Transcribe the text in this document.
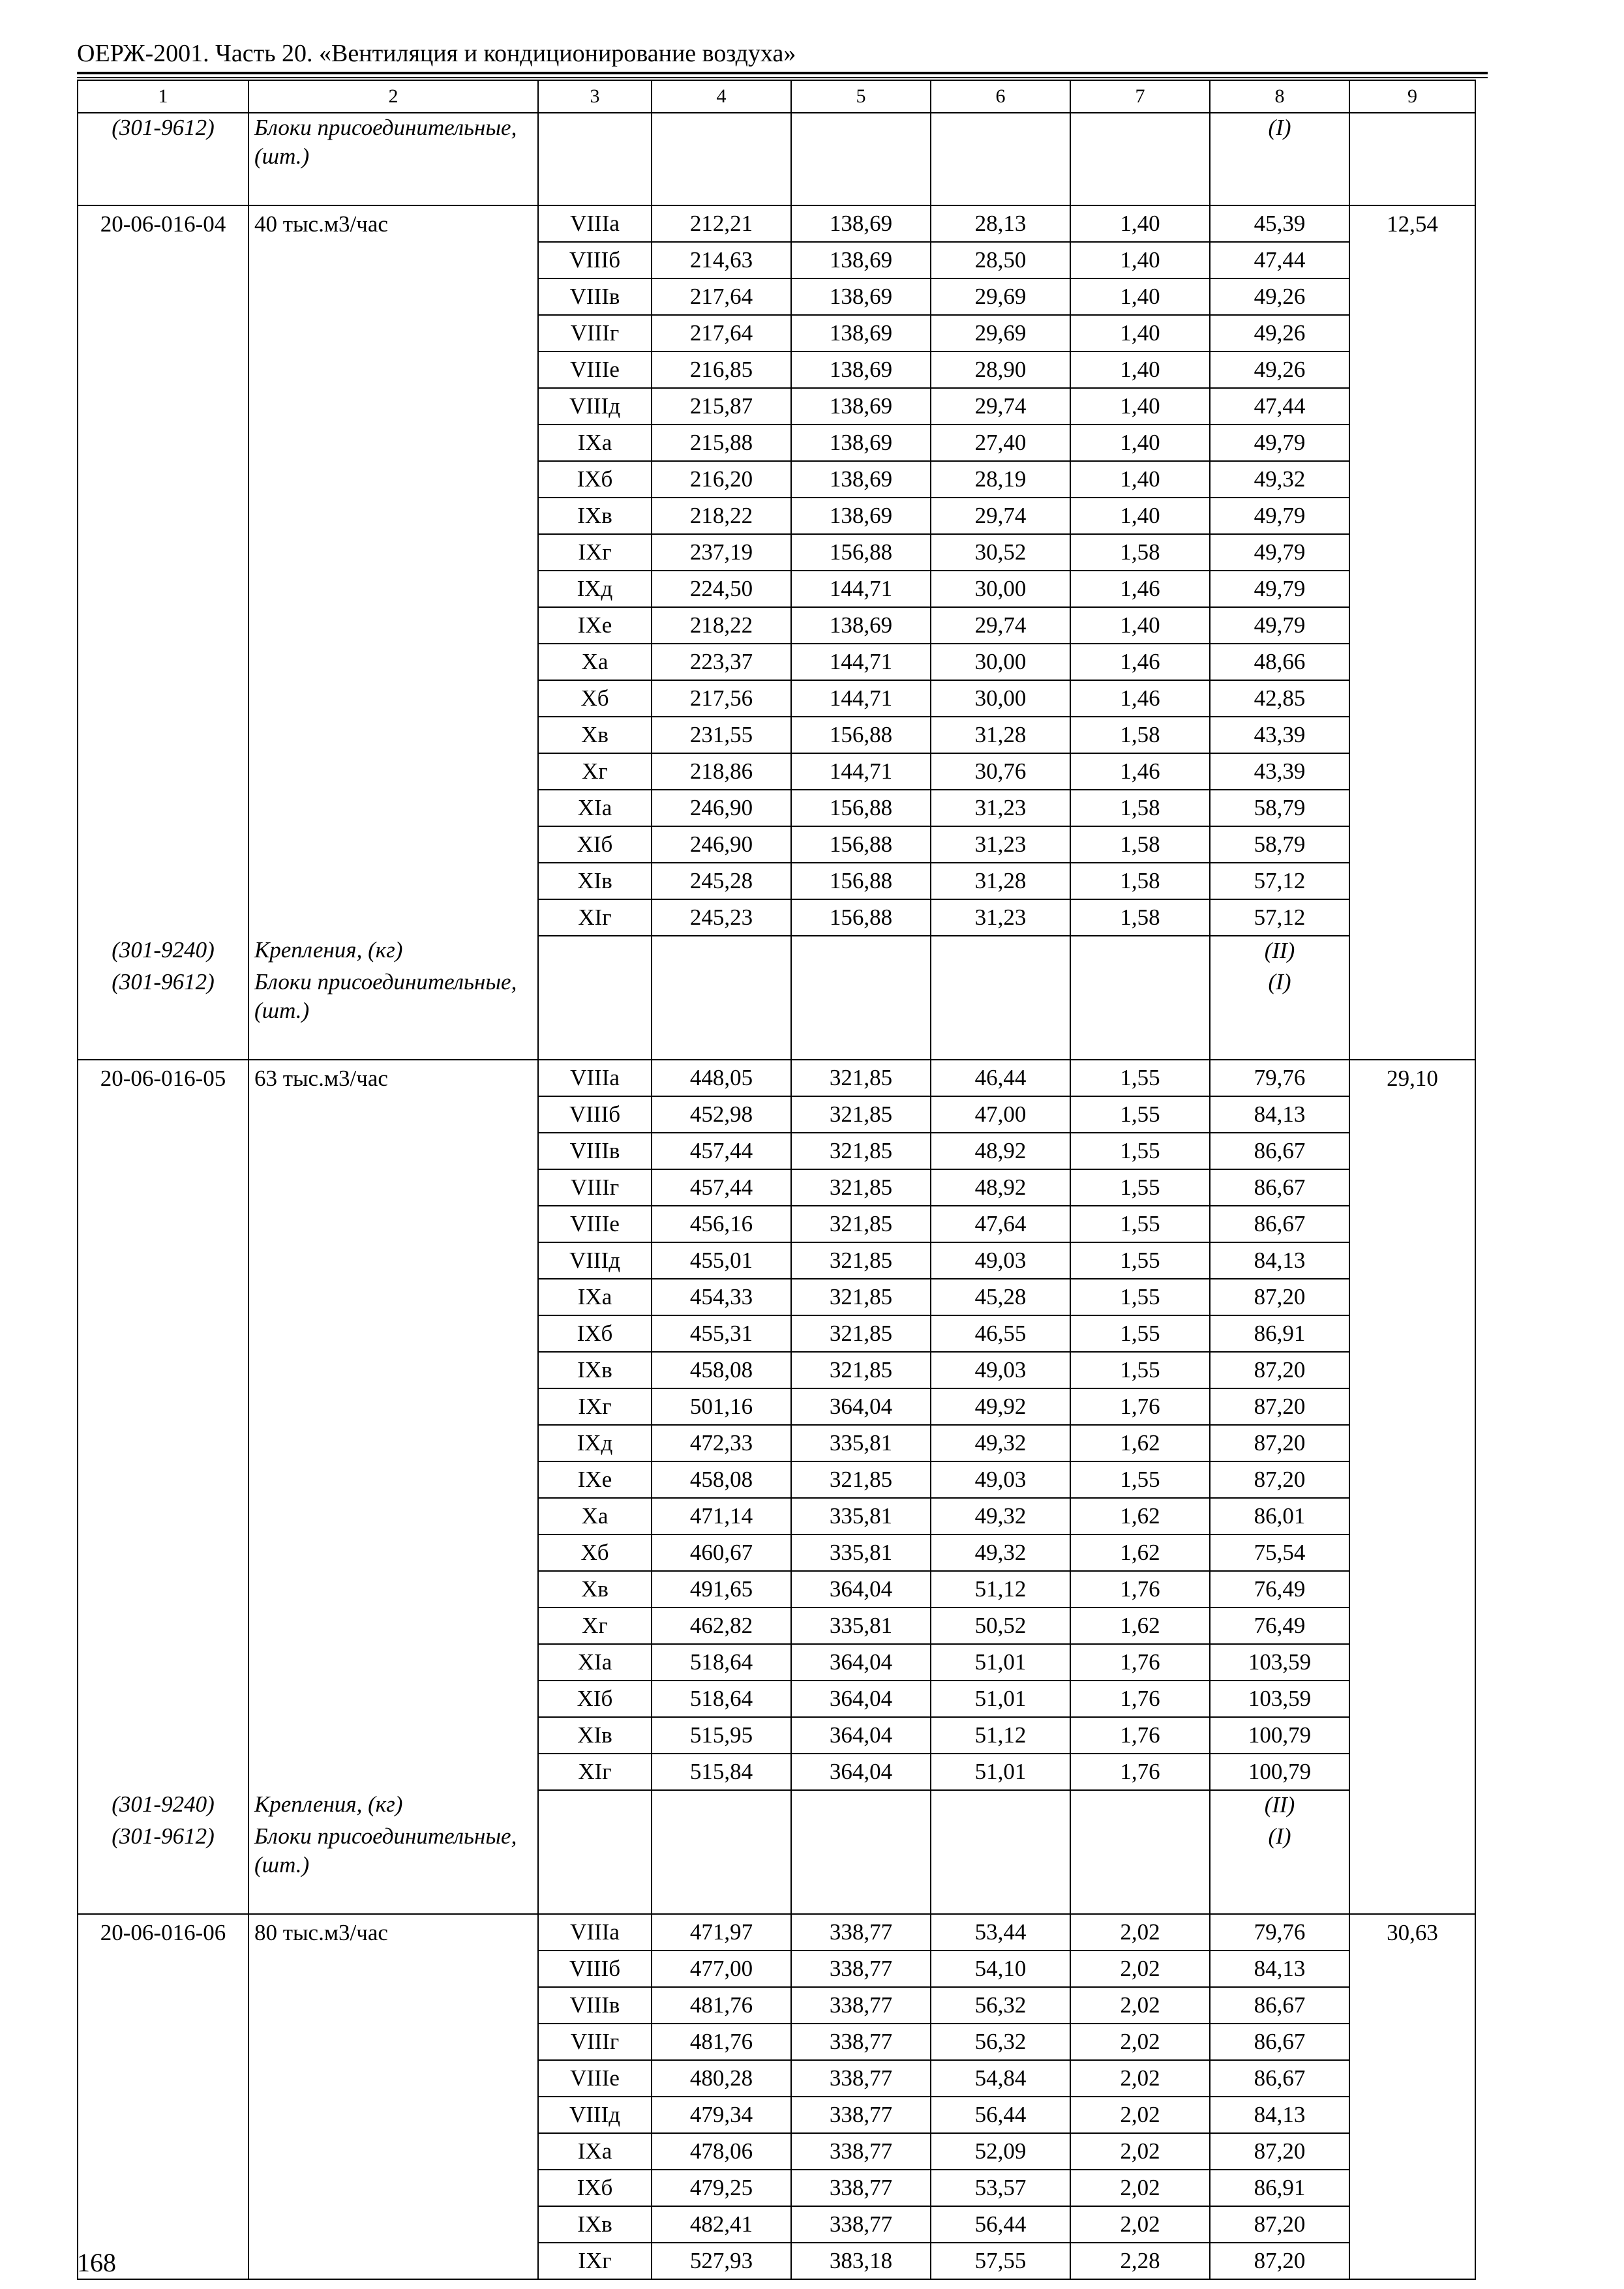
ОЕРЖ-2001. Часть 20. «Вентиляция и кондиционирование воздуха»
1	2	3	4	5	6	7	8	9
(301-9612)	Блоки присоединительные, (шт.)						(I)	
20-06-016-04	40 тыс.м3/час	VIIIа	212,21	138,69	28,13	1,40	45,39	12,54
		VIIIб	214,63	138,69	28,50	1,40	47,44	
		VIIIв	217,64	138,69	29,69	1,40	49,26	
		VIIIг	217,64	138,69	29,69	1,40	49,26	
		VIIIе	216,85	138,69	28,90	1,40	49,26	
		VIIIд	215,87	138,69	29,74	1,40	47,44	
		IXа	215,88	138,69	27,40	1,40	49,79	
		IXб	216,20	138,69	28,19	1,40	49,32	
		IXв	218,22	138,69	29,74	1,40	49,79	
		IXг	237,19	156,88	30,52	1,58	49,79	
		IXд	224,50	144,71	30,00	1,46	49,79	
		IXе	218,22	138,69	29,74	1,40	49,79	
		Xа	223,37	144,71	30,00	1,46	48,66	
		Xб	217,56	144,71	30,00	1,46	42,85	
		Xв	231,55	156,88	31,28	1,58	43,39	
		Xг	218,86	144,71	30,76	1,46	43,39	
		XIа	246,90	156,88	31,23	1,58	58,79	
		XIб	246,90	156,88	31,23	1,58	58,79	
		XIв	245,28	156,88	31,28	1,58	57,12	
		XIг	245,23	156,88	31,23	1,58	57,12	
(301-9240)	Крепления, (кг)						(II)	
(301-9612)	Блоки присоединительные, (шт.)						(I)	
20-06-016-05	63 тыс.м3/час	VIIIа	448,05	321,85	46,44	1,55	79,76	29,10
		VIIIб	452,98	321,85	47,00	1,55	84,13	
		VIIIв	457,44	321,85	48,92	1,55	86,67	
		VIIIг	457,44	321,85	48,92	1,55	86,67	
		VIIIе	456,16	321,85	47,64	1,55	86,67	
		VIIIд	455,01	321,85	49,03	1,55	84,13	
		IXа	454,33	321,85	45,28	1,55	87,20	
		IXб	455,31	321,85	46,55	1,55	86,91	
		IXв	458,08	321,85	49,03	1,55	87,20	
		IXг	501,16	364,04	49,92	1,76	87,20	
		IXд	472,33	335,81	49,32	1,62	87,20	
		IXе	458,08	321,85	49,03	1,55	87,20	
		Xа	471,14	335,81	49,32	1,62	86,01	
		Xб	460,67	335,81	49,32	1,62	75,54	
		Xв	491,65	364,04	51,12	1,76	76,49	
		Xг	462,82	335,81	50,52	1,62	76,49	
		XIа	518,64	364,04	51,01	1,76	103,59	
		XIб	518,64	364,04	51,01	1,76	103,59	
		XIв	515,95	364,04	51,12	1,76	100,79	
		XIг	515,84	364,04	51,01	1,76	100,79	
(301-9240)	Крепления, (кг)						(II)	
(301-9612)	Блоки присоединительные, (шт.)						(I)	
20-06-016-06	80 тыс.м3/час	VIIIа	471,97	338,77	53,44	2,02	79,76	30,63
		VIIIб	477,00	338,77	54,10	2,02	84,13	
		VIIIв	481,76	338,77	56,32	2,02	86,67	
		VIIIг	481,76	338,77	56,32	2,02	86,67	
		VIIIе	480,28	338,77	54,84	2,02	86,67	
		VIIIд	479,34	338,77	56,44	2,02	84,13	
		IXа	478,06	338,77	52,09	2,02	87,20	
		IXб	479,25	338,77	53,57	2,02	86,91	
		IXв	482,41	338,77	56,44	2,02	87,20	
		IXг	527,93	383,18	57,55	2,28	87,20	
168
